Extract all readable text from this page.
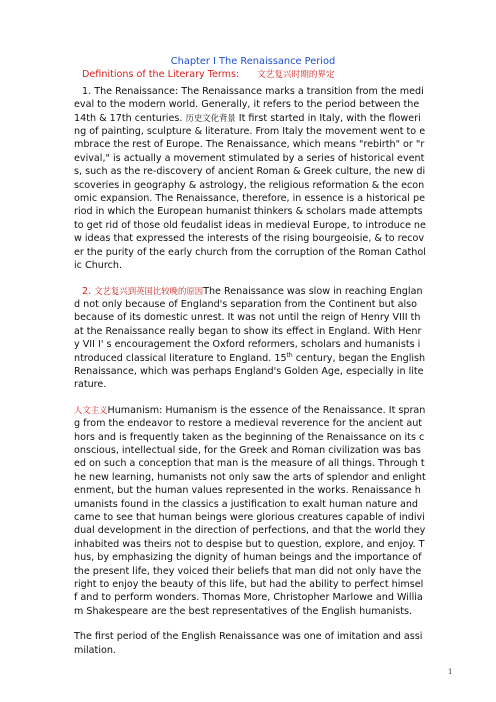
Chapter I The Renaissance Period
Definitions of the Literary Terms: 文艺复兴时期的界定

1. The Renaissance: The Renaissance marks a transition from the medieval to the modern world. Generally, it refers to the period between the 14th & 17th centuries. 历史文化背景 It first started in Italy, with the flowering of painting, sculpture & literature. From Italy the movement went to embrace the rest of Europe. The Renaissance, which means "rebirth" or "revival," is actually a movement stimulated by a series of historical events, such as the re-discovery of ancient Roman & Greek culture, the new discoveries in geography & astrology, the religious reformation & the economic expansion. The Renaissance, therefore, in essence is a historical period in which the European humanist thinkers & scholars made attempts to get rid of those old feudalist ideas in medieval Europe, to introduce new ideas that expressed the interests of the rising bourgeoisie, & to recover the purity of the early church from the corruption of the Roman Catholic Church.

2. 文艺复兴到英国比较晚的原因The Renaissance was slow in reaching England not only because of England's separation from the Continent but also because of its domestic unrest. It was not until the reign of Henry VIII that the Renaissance really began to show its effect in England. With Henry VII I' s encouragement the Oxford reformers, scholars and humanists introduced classical literature to England. 15th century, began the English Renaissance, which was perhaps England's Golden Age, especially in literature.

人文主义Humanism: Humanism is the essence of the Renaissance. It sprang from the endeavor to restore a medieval reverence for the ancient authors and is frequently taken as the beginning of the Renaissance on its conscious, intellectual side, for the Greek and Roman civilization was based on such a conception that man is the measure of all things. Through the new learning, humanists not only saw the arts of splendor and enlightenment, but the human values represented in the works. Renaissance humanists found in the classics a justification to exalt human nature and came to see that human beings were glorious creatures capable of individual development in the direction of perfections, and that the world they inhabited was theirs not to despise but to question, explore, and enjoy. Thus, by emphasizing the dignity of human beings and the importance of the present life, they voiced their beliefs that man did not only have the right to enjoy the beauty of this life, but had the ability to perfect himself and to perform wonders. Thomas More, Christopher Marlowe and William Shakespeare are the best representatives of the English humanists.

The first period of the English Renaissance was one of imitation and assimilation.

1
